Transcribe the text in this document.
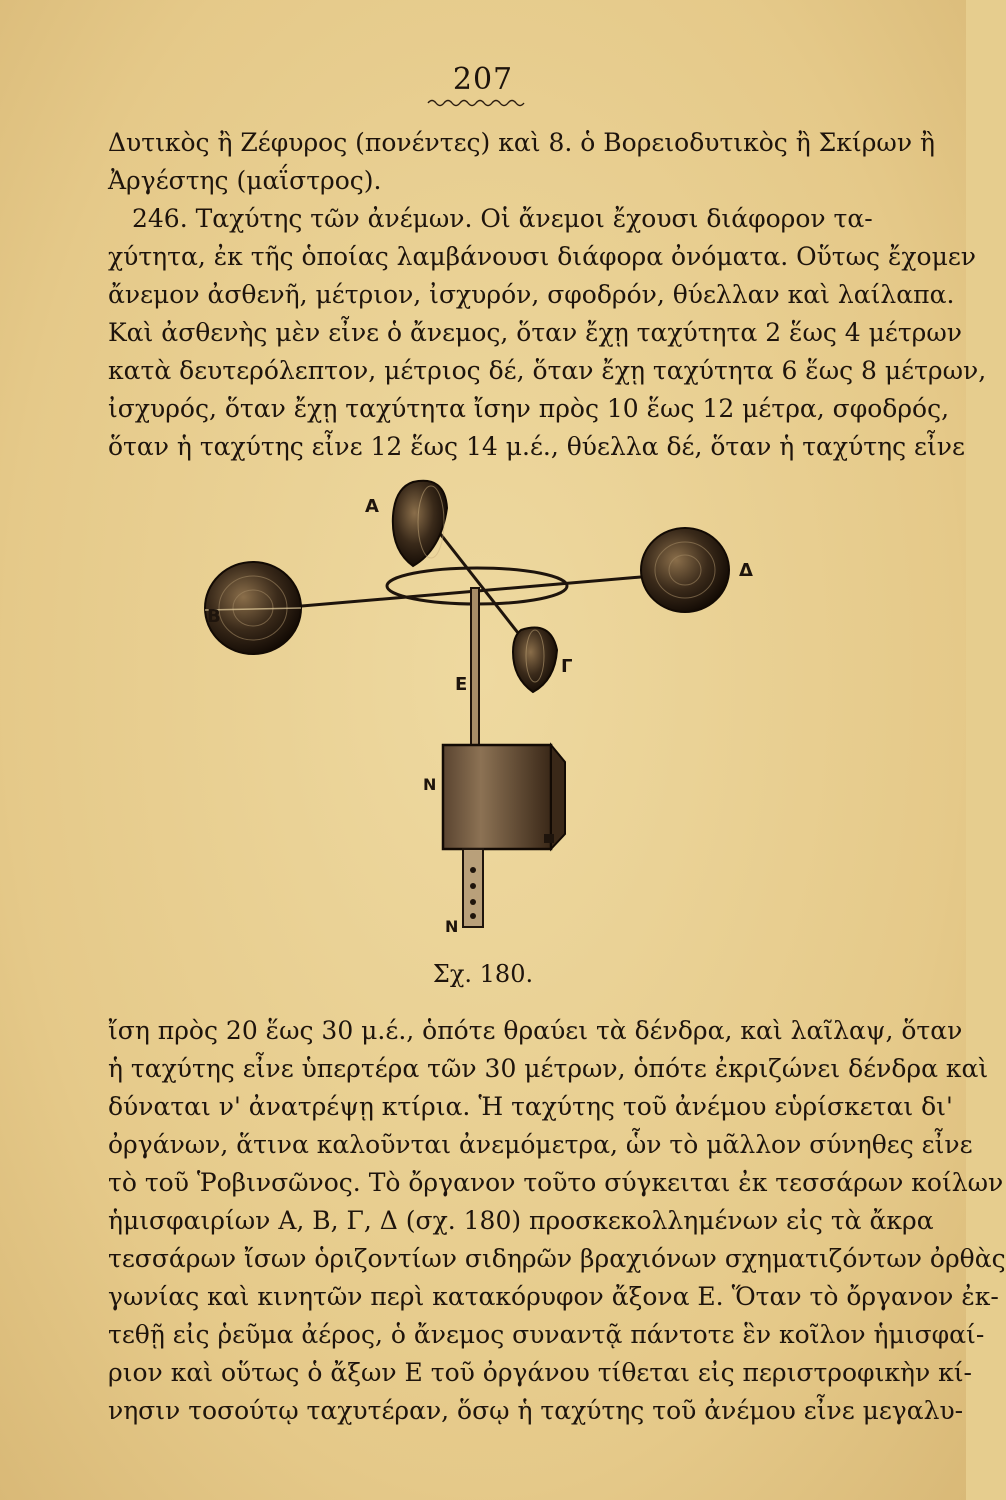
207
Δυτικὸς ἢ Ζέφυρος (πονέντες) καὶ 8. ὁ Βορειοδυτικὸς ἢ Σκίρων ἢ
Ἀργέστης (μαΐστρος).
246. Ταχύτης τῶν ἀνέμων. Οἱ ἄνεμοι ἔχουσι διάφορον τα-
χύτητα, ἐκ τῆς ὁποίας λαμβάνουσι διάφορα ὀνόματα. Οὕτως ἔχομεν
ἄνεμον ἀσθενῆ, μέτριον, ἰσχυρόν, σφοδρόν, θύελλαν καὶ λαίλαπα.
Καὶ ἀσθενὴς μὲν εἶνε ὁ ἄνεμος, ὅταν ἔχῃ ταχύτητα 2 ἕως 4 μέτρων
κατὰ δευτερόλεπτον, μέτριος δέ, ὅταν ἔχῃ ταχύτητα 6 ἕως 8 μέτρων,
ἰσχυρός, ὅταν ἔχῃ ταχύτητα ἴσην πρὸς 10 ἕως 12 μέτρα, σφοδρός,
ὅταν ἡ ταχύτης εἶνε 12 ἕως 14 μ.έ., θύελλα δέ, ὅταν ἡ ταχύτης εἶνε
Α
Β
Δ
Γ
Ε
N
N
Σχ. 180.
ἴση πρὸς 20 ἕως 30 μ.έ., ὁπότε θραύει τὰ δένδρα, καὶ λαῖλαψ, ὅταν
ἡ ταχύτης εἶνε ὑπερτέρα τῶν 30 μέτρων, ὁπότε ἐκριζώνει δένδρα καὶ
δύναται ν' ἀνατρέψῃ κτίρια. Ἡ ταχύτης τοῦ ἀνέμου εὑρίσκεται δι'
ὀργάνων, ἅτινα καλοῦνται ἀνεμόμετρα, ὧν τὸ μᾶλλον σύνηθες εἶνε
τὸ τοῦ Ῥοβινσῶνος. Τὸ ὄργανον τοῦτο σύγκειται ἐκ τεσσάρων κοίλων
ἡμισφαιρίων Α, Β, Γ, Δ (σχ. 180) προσκεκολλημένων εἰς τὰ ἄκρα
τεσσάρων ἴσων ὁριζοντίων σιδηρῶν βραχιόνων σχηματιζόντων ὀρθὰς
γωνίας καὶ κινητῶν περὶ κατακόρυφον ἄξονα Ε. Ὅταν τὸ ὄργανον ἐκ-
τεθῇ εἰς ῥεῦμα ἀέρος, ὁ ἄνεμος συναντᾷ πάντοτε ἓν κοῖλον ἡμισφαί-
ριον καὶ οὕτως ὁ ἄξων Ε τοῦ ὀργάνου τίθεται εἰς περιστροφικὴν κί-
νησιν τοσούτῳ ταχυτέραν, ὅσῳ ἡ ταχύτης τοῦ ἀνέμου εἶνε μεγαλυ-
